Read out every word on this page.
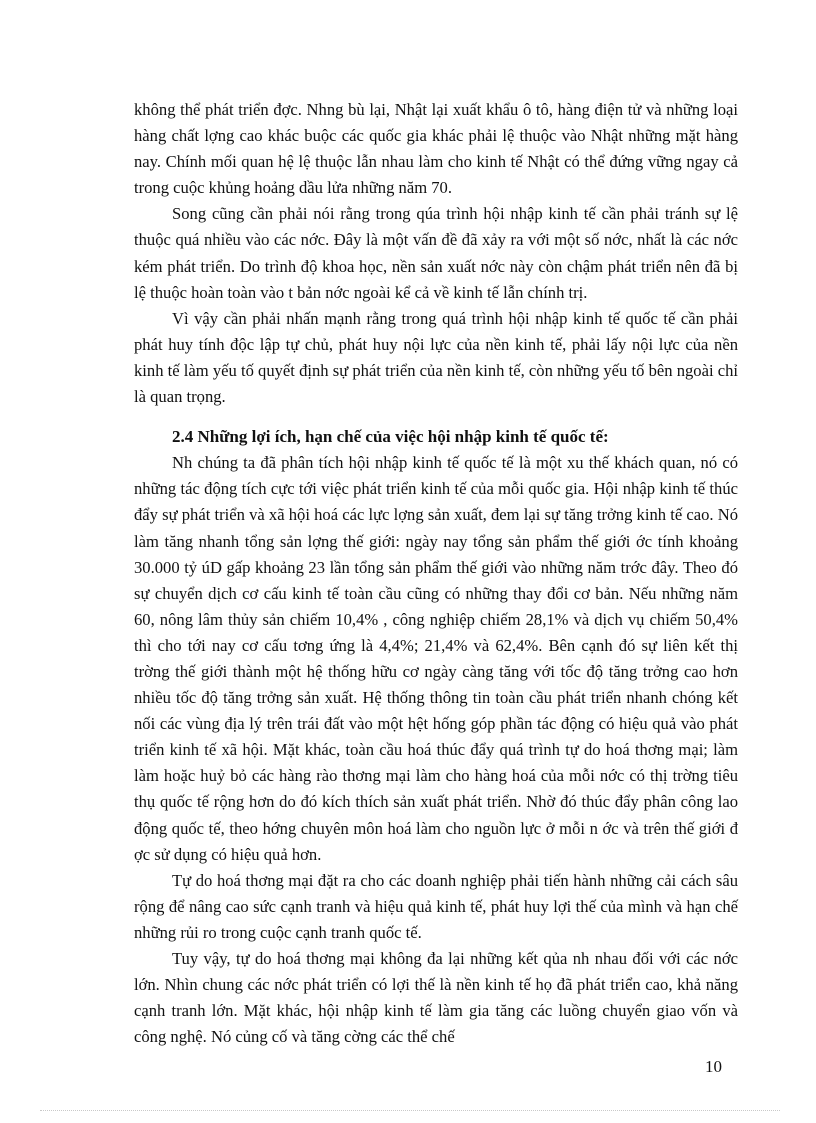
không thể phát triển đợc. Nhng bù lại, Nhật lại xuất khẩu ô tô, hàng điện tử và những loại hàng chất lợng cao khác buộc các quốc gia khác phải lệ thuộc vào Nhật những mặt hàng nay. Chính mối quan hệ lệ thuộc lẫn nhau làm cho kinh tế Nhật có thể đứng vững ngay cả trong cuộc khủng hoảng dầu lửa những năm 70.

Song cũng cần phải nói rằng trong qúa trình hội nhập kinh tế cần phải tránh sự lệ thuộc quá nhiều vào các nớc. Đây là một vấn đề đã xảy ra với một số nớc, nhất là các nớc kém phát triển. Do trình độ khoa học, nền sản xuất nớc này còn chậm phát triển nên đã bị lệ thuộc hoàn toàn vào t bản nớc ngoài kể cả về kinh tế lẫn chính trị.

Vì vậy cần phải nhấn mạnh rằng trong quá trình hội nhập kinh tế quốc tế cần phải phát huy tính độc lập tự chủ, phát huy nội lực của nền kinh tế, phải lấy nội lực của nền kinh tế làm yếu tố quyết định sự phát triển của nền kinh tế, còn những yếu tố bên ngoài chỉ là quan trọng.

2.4 Những lợi ích, hạn chế của việc hội nhập kinh tế quốc tế:

Nh chúng ta đã phân tích hội nhập kinh tế quốc tế là một xu thế khách quan, nó có những tác động tích cực tới việc phát triển kinh tế của mỗi quốc gia. Hội nhập kinh tế thúc đẩy sự phát triển và xã hội hoá các lực lợng sản xuất, đem lại sự tăng trởng kinh tế cao. Nó làm tăng nhanh tổng sản lợng thế giới: ngày nay tổng sản phẩm thế giới ớc tính khoảng 30.000 tỷ úD gấp khoảng 23 lần tổng sản phẩm thế giới vào những năm trớc đây. Theo đó sự chuyển dịch cơ cấu kinh tế toàn cầu cũng có những thay đổi cơ bản. Nếu những năm 60, nông lâm thủy sản chiếm 10,4% , công nghiệp chiếm 28,1% và dịch vụ chiếm 50,4% thì cho tới nay cơ cấu tơng ứng là 4,4%; 21,4% và 62,4%. Bên cạnh đó sự liên kết thị trờng thế giới thành một hệ thống hữu cơ ngày càng tăng với tốc độ tăng trởng cao hơn nhiều tốc độ tăng trởng sản xuất. Hệ thống thông tin toàn cầu phát triển nhanh chóng kết nối các vùng địa lý trên trái đất vào một hệt hống góp phần tác động có hiệu quả vào phát triển kinh tế xã hội. Mặt khác, toàn cầu hoá thúc đẩy quá trình tự do hoá thơng mại; làm làm hoặc huỷ bỏ các hàng rào thơng mại làm cho hàng hoá của mỗi nớc có thị trờng tiêu thụ quốc tế rộng hơn do đó kích thích sản xuất phát triển. Nhờ đó thúc đẩy phân công lao động quốc tế, theo hớng chuyên môn hoá làm cho nguồn lực ở mỗi n ớc và trên thế giới đ ợc sử dụng có hiệu quả hơn.

Tự do hoá thơng mại đặt ra cho các doanh nghiệp phải tiến hành những cải cách sâu rộng để nâng cao sức cạnh tranh và hiệu quả kinh tế, phát huy lợi thế của mình và hạn chế những rủi ro trong cuộc cạnh tranh quốc tế.

Tuy vậy, tự do hoá thơng mại không đa lại những kết qủa nh nhau đối với các nớc lớn. Nhìn chung các nớc phát triển có lợi thế là nền kinh tế họ đã phát triển cao, khả năng cạnh tranh lớn. Mặt khác, hội nhập kinh tế làm gia tăng các luồng chuyển giao vốn và công nghệ. Nó củng cố và tăng cờng các thể chế

10
